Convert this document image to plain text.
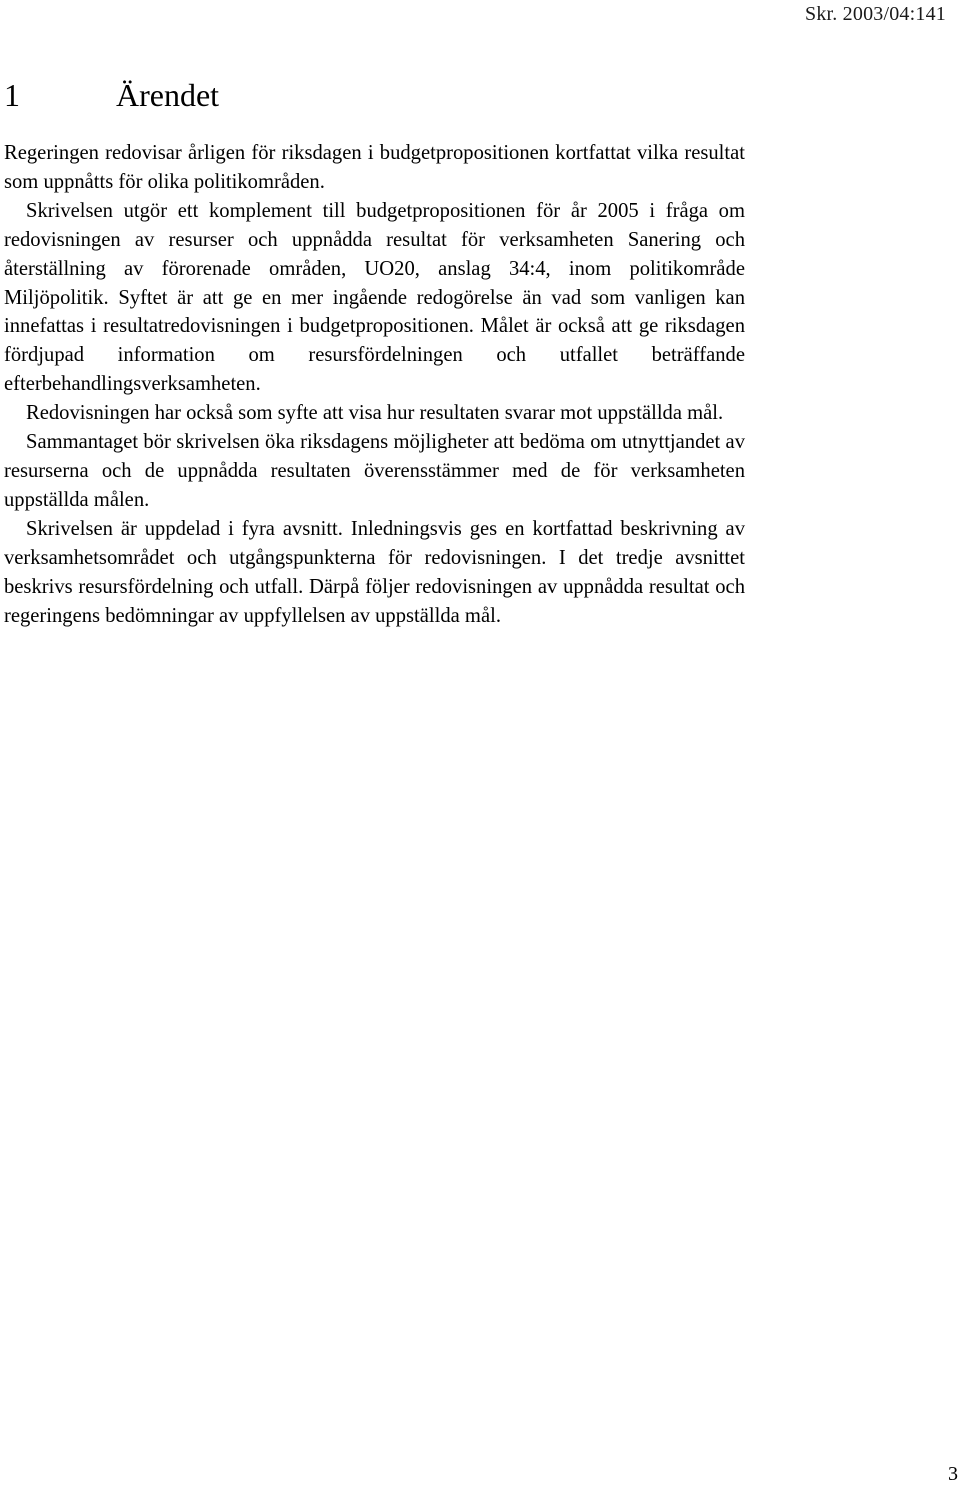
Skr. 2003/04:141
1	Ärendet

Regeringen redovisar årligen för riksdagen i budgetpropositionen kortfattat vilka resultat som uppnåtts för olika politikområden.

Skrivelsen utgör ett komplement till budgetpropositionen för år 2005 i fråga om redovisningen av resurser och uppnådda resultat för verksamheten Sanering och återställning av förorenade områden, UO20, anslag 34:4, inom politikområde Miljöpolitik. Syftet är att ge en mer ingående redogörelse än vad som vanligen kan innefattas i resultatredovisningen i budgetpropositionen. Målet är också att ge riksdagen fördjupad information om resursfördelningen och utfallet beträffande efterbehandlingsverksamheten.

Redovisningen har också som syfte att visa hur resultaten svarar mot uppställda mål.

Sammantaget bör skrivelsen öka riksdagens möjligheter att bedöma om utnyttjandet av resurserna och de uppnådda resultaten överensstämmer med de för verksamheten uppställda målen.

Skrivelsen är uppdelad i fyra avsnitt. Inledningsvis ges en kortfattad beskrivning av verksamhetsområdet och utgångspunkterna för redovisningen. I det tredje avsnittet beskrivs resursfördelning och utfall. Därpå följer redovisningen av uppnådda resultat och regeringens bedömningar av uppfyllelsen av uppställda mål.

3
